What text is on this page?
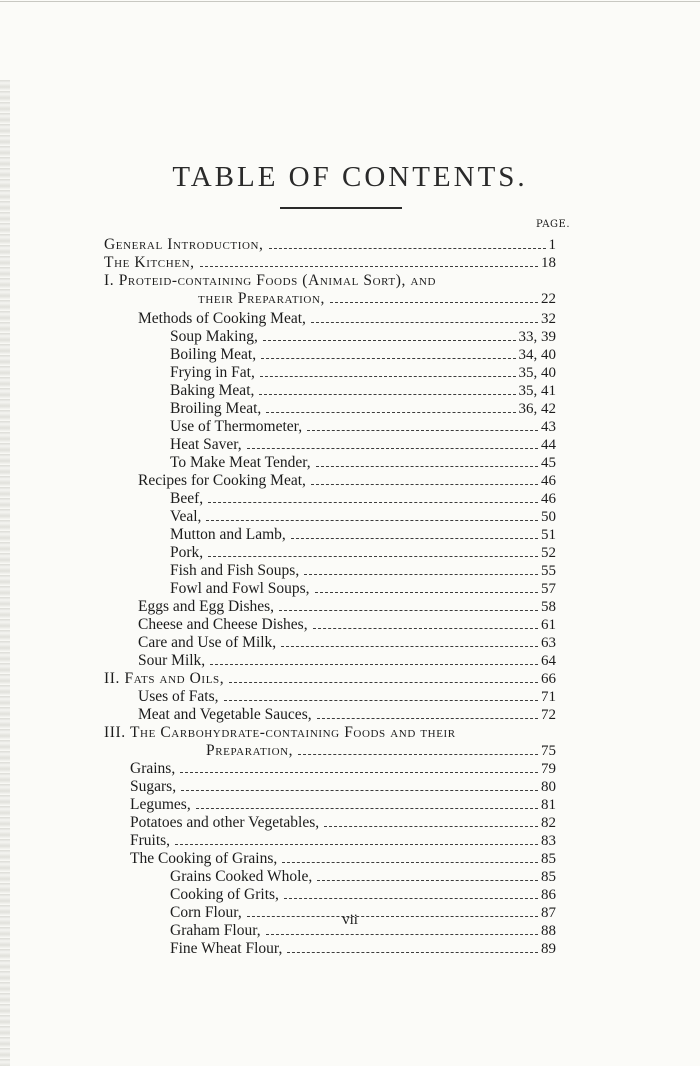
TABLE OF CONTENTS.
PAGE.
General Introduction,	1
The Kitchen,	18
I. Proteid-containing Foods (Animal Sort), and
their Preparation,	22
Methods of Cooking Meat,	32
Soup Making,	33, 39
Boiling Meat,	34, 40
Frying in Fat,	35, 40
Baking Meat,	35, 41
Broiling Meat,	36, 42
Use of Thermometer,	43
Heat Saver,	44
To Make Meat Tender,	45
Recipes for Cooking Meat,	46
Beef,	46
Veal,	50
Mutton and Lamb,	51
Pork,	52
Fish and Fish Soups,	55
Fowl and Fowl Soups,	57
Eggs and Egg Dishes,	58
Cheese and Cheese Dishes,	61
Care and Use of Milk,	63
Sour Milk,	64
II. Fats and Oils,	66
Uses of Fats,	71
Meat and Vegetable Sauces,	72
III. The Carbohydrate-containing Foods and their
Preparation,	75
Grains,	79
Sugars,	80
Legumes,	81
Potatoes and other Vegetables,	82
Fruits,	83
The Cooking of Grains,	85
Grains Cooked Whole,	85
Cooking of Grits,	86
Corn Flour,	87
Graham Flour,	88
Fine Wheat Flour,	89
vii
